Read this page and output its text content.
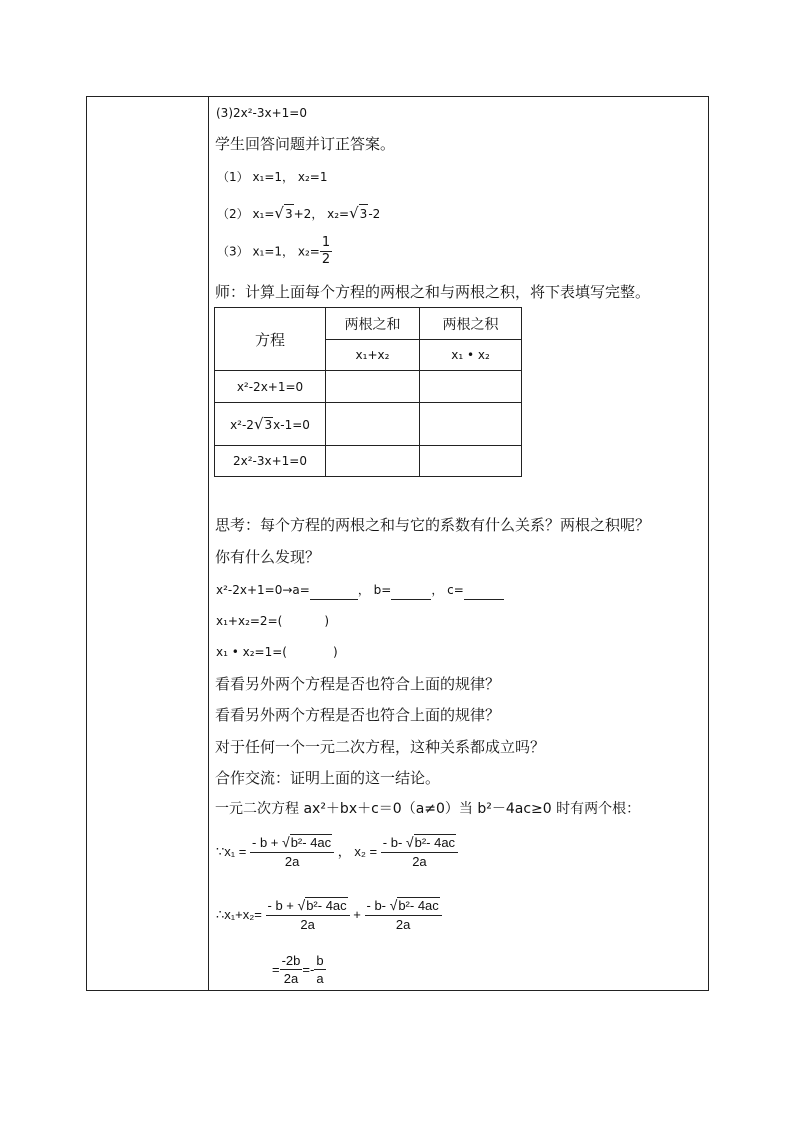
(3)2x²-3x+1=0
学生回答问题并订正答案。
（1） x₁=1， x₂=1
（2） x₁=√3+2， x₂=√3-2
（3） x₁=1， $x_2= \frac{1}{2}$
师：计算上面每个方程的两根之和与两根之积，将下表填写完整。
方程	两根之和	两根之积
	x₁+x₂	x₁ • x₂
x²-2x+1=0		
x²-2√3x-1=0		
2x²-3x+1=0		
思考：每个方程的两根之和与它的系数有什么关系？两根之积呢？
你有什么发现？
x²-2x+1=0→a=	， b=	， c=
x₁+x₂=2=(	)
x₁ • x₂=1=(	)
看看另外两个方程是否也符合上面的规律？
看看另外两个方程是否也符合上面的规律？
对于任何一个一元二次方程，这种关系都成立吗？
合作交流：证明上面的这一结论。
一元二次方程 ax²＋bx＋c＝0（a≠0）当 b²－4ac≥0 时有两个根：
∵x₁ = $\frac{\text{- b + √b²- 4ac}}{2a}$ ， $x_2 = \frac{\text{- b- √b²- 4ac}}{2a}$
∴x₁+x₂= $\frac{\text{- b + √b²- 4ac}}{2a} + \frac{\text{- b- √b²- 4ac}}{2a}$
= $\frac{-2b}{2a} =- \frac{b}{a}$
